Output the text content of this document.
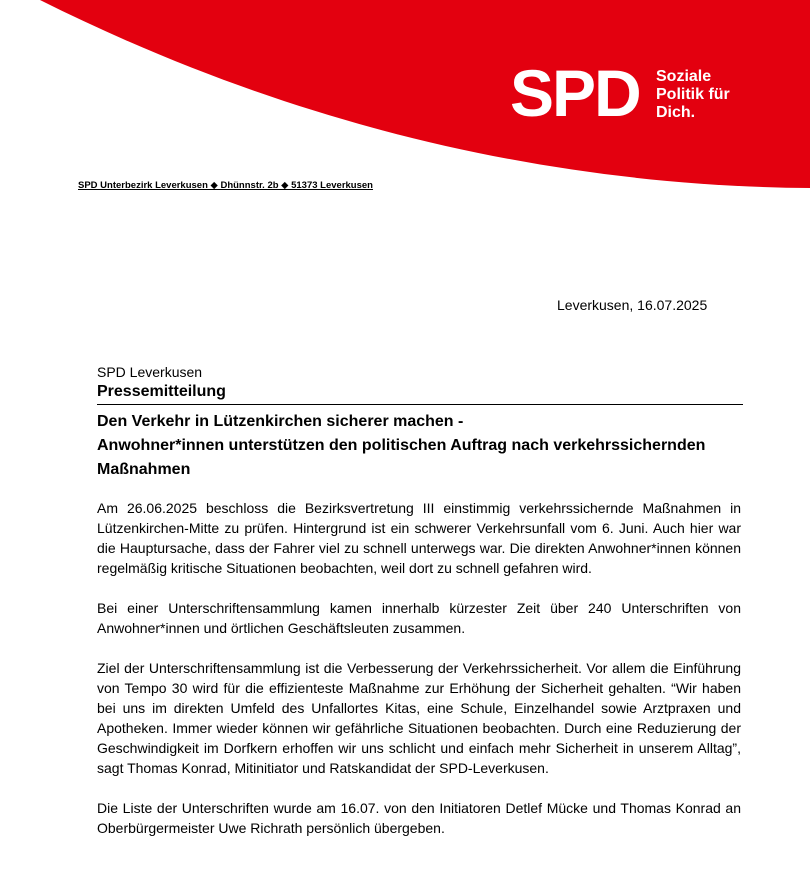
SPD Soziale
Politik für
Dich.
SPD Unterbezirk Leverkusen ◆ Dhünnstr. 2b ◆ 51373 Leverkusen
Leverkusen, 16.07.2025
SPD Leverkusen
Pressemitteilung
Den Verkehr in Lützenkirchen sicherer machen -
Anwohner*innen unterstützen den politischen Auftrag nach verkehrssichernden Maßnahmen

Am 26.06.2025 beschloss die Bezirksvertretung III einstimmig verkehrssichernde Maßnahmen in Lützenkirchen-Mitte zu prüfen. Hintergrund ist ein schwerer Verkehrsunfall vom 6. Juni. Auch hier war die Hauptursache, dass der Fahrer viel zu schnell unterwegs war. Die direkten Anwohner*innen können regelmäßig kritische Situationen beobachten, weil dort zu schnell gefahren wird.

Bei einer Unterschriftensammlung kamen innerhalb kürzester Zeit über 240 Unterschriften von Anwohner*innen und örtlichen Geschäftsleuten zusammen.

Ziel der Unterschriftensammlung ist die Verbesserung der Verkehrssicherheit. Vor allem die Einführung von Tempo 30 wird für die effizienteste Maßnahme zur Erhöhung der Sicherheit gehalten. “Wir haben bei uns im direkten Umfeld des Unfallortes Kitas, eine Schule, Einzelhandel sowie Arztpraxen und Apotheken. Immer wieder können wir gefährliche Situationen beobachten. Durch eine Reduzierung der Geschwindigkeit im Dorfkern erhoffen wir uns schlicht und einfach mehr Sicherheit in unserem Alltag”, sagt Thomas Konrad, Mitinitiator und Ratskandidat der SPD-Leverkusen.

Die Liste der Unterschriften wurde am 16.07. von den Initiatoren Detlef Mücke und Thomas Konrad an Oberbürgermeister Uwe Richrath persönlich übergeben.
